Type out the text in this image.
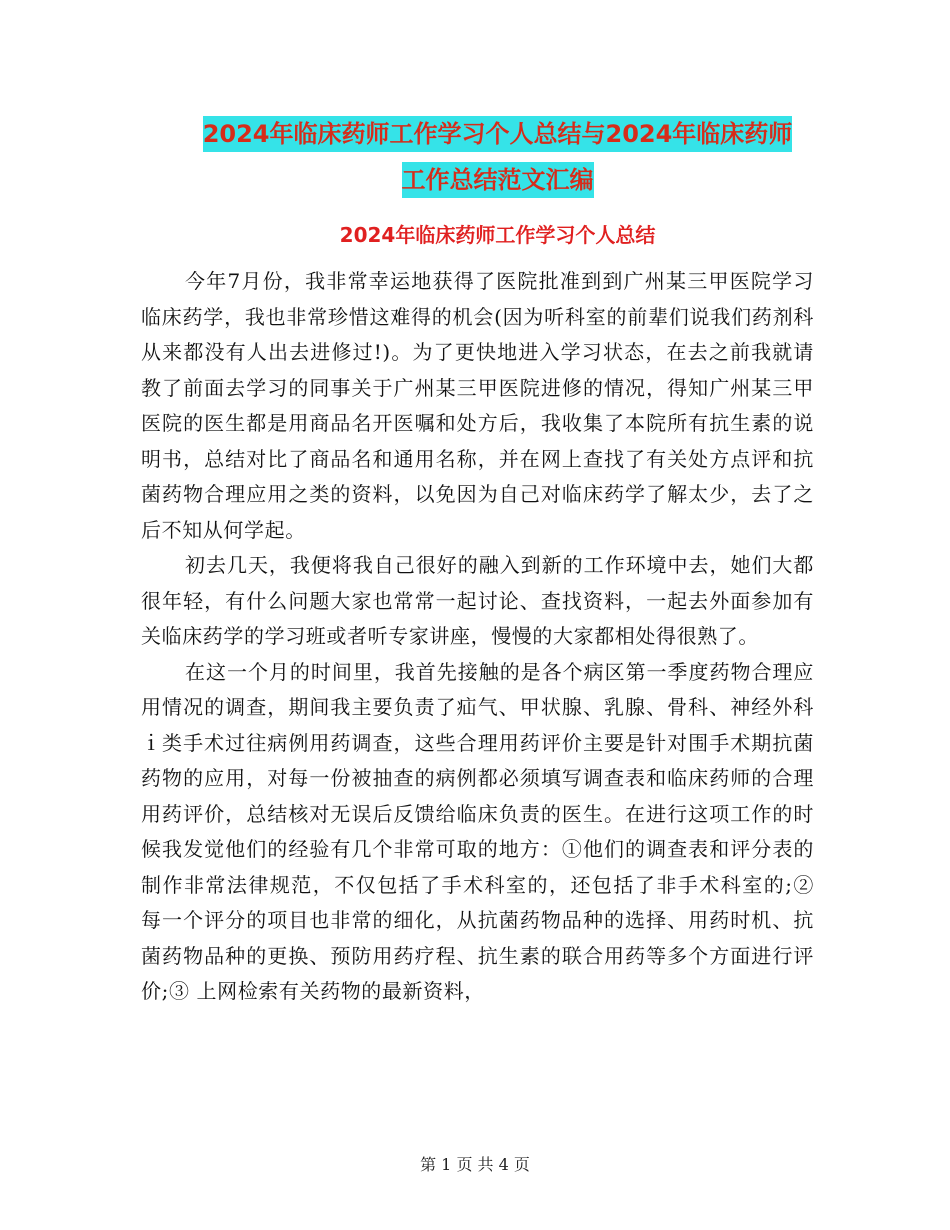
2024年临床药师工作学习个人总结与2024年临床药师
工作总结范文汇编
2024年临床药师工作学习个人总结

今年7月份，我非常幸运地获得了医院批准到到广州某三甲医院学习临床药学，我也非常珍惜这难得的机会(因为听科室的前辈们说我们药剂科从来都没有人出去进修过!)。为了更快地进入学习状态，在去之前我就请教了前面去学习的同事关于广州某三甲医院进修的情况，得知广州某三甲医院的医生都是用商品名开医嘱和处方后，我收集了本院所有抗生素的说明书，总结对比了商品名和通用名称，并在网上查找了有关处方点评和抗菌药物合理应用之类的资料，以免因为自己对临床药学了解太少，去了之后不知从何学起。

初去几天，我便将我自己很好的融入到新的工作环境中去，她们大都很年轻，有什么问题大家也常常一起讨论、查找资料，一起去外面参加有关临床药学的学习班或者听专家讲座，慢慢的大家都相处得很熟了。

在这一个月的时间里，我首先接触的是各个病区第一季度药物合理应用情况的调查，期间我主要负责了疝气、甲状腺、乳腺、骨科、神经外科ｉ类手术过往病例用药调查，这些合理用药评价主要是针对围手术期抗菌药物的应用，对每一份被抽查的病例都必须填写调查表和临床药师的合理用药评价，总结核对无误后反馈给临床负责的医生。在进行这项工作的时候我发觉他们的经验有几个非常可取的地方：①他们的调查表和评分表的制作非常法律规范，不仅包括了手术科室的，还包括了非手术科室的;② 每一个评分的项目也非常的细化，从抗菌药物品种的选择、用药时机、抗菌药物品种的更换、预防用药疗程、抗生素的联合用药等多个方面进行评价;③ 上网检索有关药物的最新资料，

第 1 页 共 4 页
